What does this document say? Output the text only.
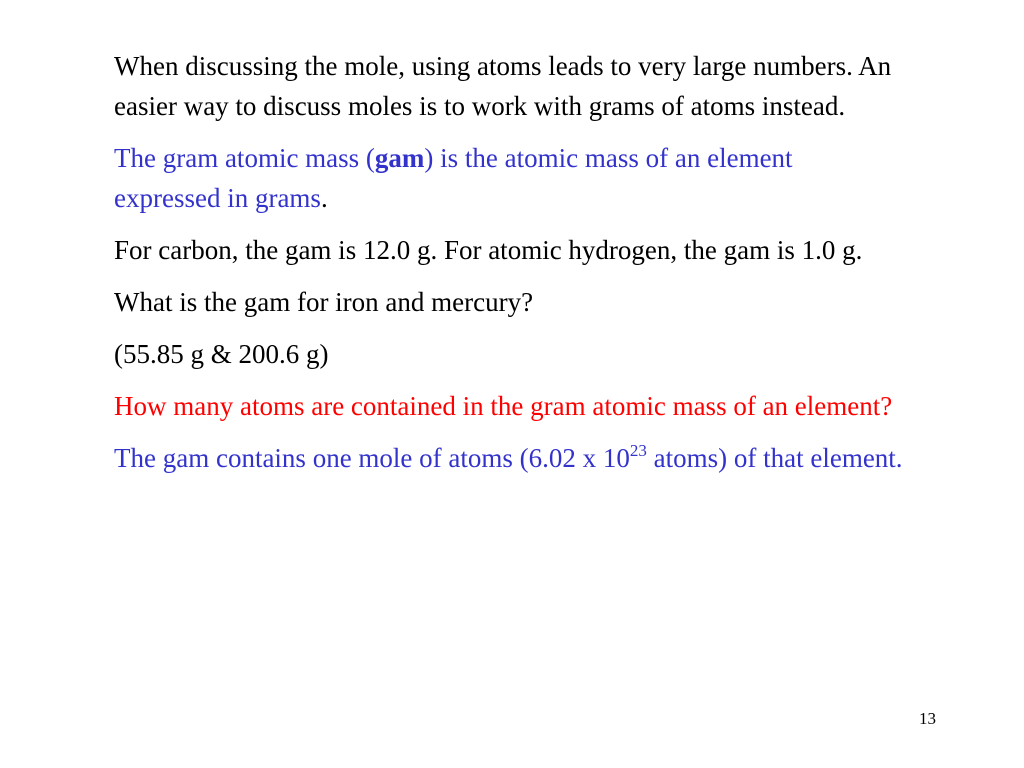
When discussing the mole, using atoms leads to very large numbers. An easier way to discuss moles is to work with grams of atoms instead.

The gram atomic mass (gam) is the atomic mass of an element expressed in grams.

For carbon, the gam is 12.0 g. For atomic hydrogen, the gam is 1.0 g.

What is the gam for iron and mercury?

(55.85 g & 200.6 g)

How many atoms are contained in the gram atomic mass of an element?

The gam contains one mole of atoms (6.02 x $10^{23}$ atoms) of that element.

13
